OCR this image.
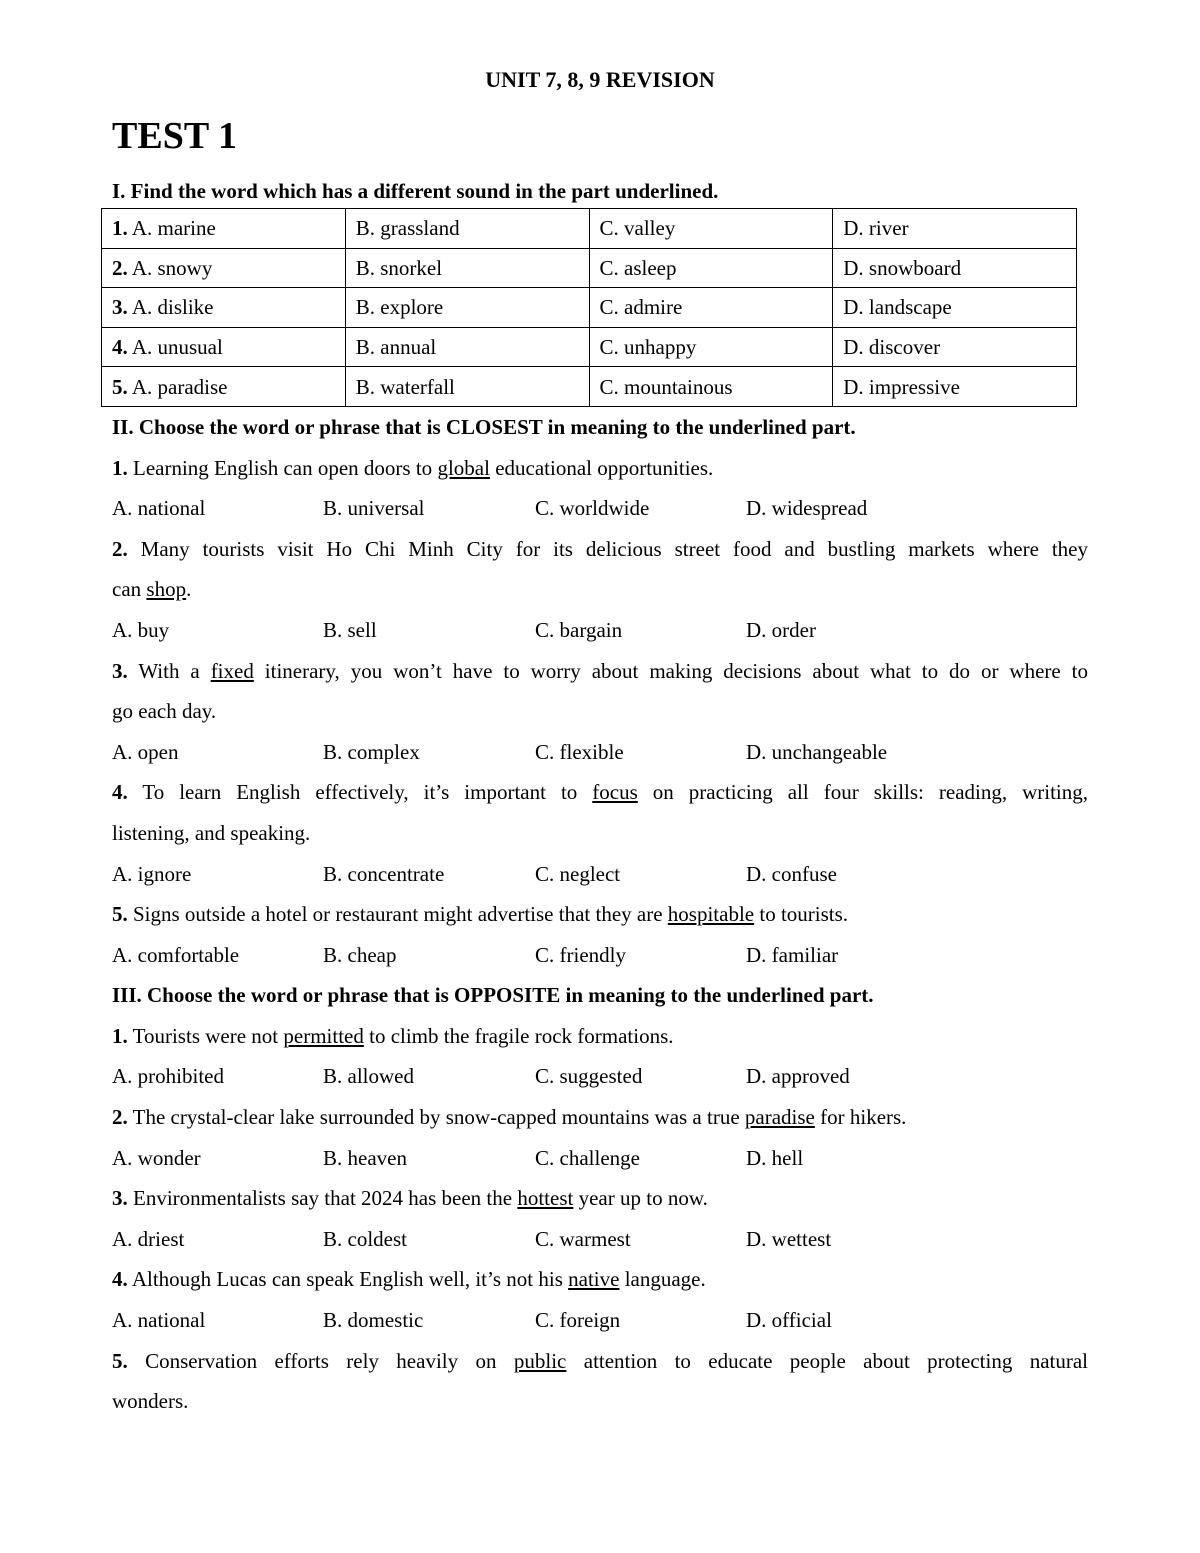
UNIT 7, 8, 9 REVISION
TEST 1
I. Find the word which has a different sound in the part underlined.
1. A. marine	B. grassland	C. valley	D. river
2. A. snowy	B. snorkel	C. asleep	D. snowboard
3. A. dislike	B. explore	C. admire	D. landscape
4. A. unusual	B. annual	C. unhappy	D. discover
5. A. paradise	B. waterfall	C. mountainous	D. impressive
II. Choose the word or phrase that is CLOSEST in meaning to the underlined part.
1. Learning English can open doors to global educational opportunities.
A. national	B. universal	C. worldwide	D. widespread
2. Many tourists visit Ho Chi Minh City for its delicious street food and bustling markets where they
can shop.
A. buy	B. sell	C. bargain	D. order
3. With a fixed itinerary, you won’t have to worry about making decisions about what to do or where to
go each day.
A. open	B. complex	C. flexible	D. unchangeable
4. To learn English effectively, it’s important to focus on practicing all four skills: reading, writing,
listening, and speaking.
A. ignore	B. concentrate	C. neglect	D. confuse
5. Signs outside a hotel or restaurant might advertise that they are hospitable to tourists.
A. comfortable	B. cheap	C. friendly	D. familiar
III. Choose the word or phrase that is OPPOSITE in meaning to the underlined part.
1. Tourists were not permitted to climb the fragile rock formations.
A. prohibited	B. allowed	C. suggested	D. approved
2. The crystal-clear lake surrounded by snow-capped mountains was a true paradise for hikers.
A. wonder	B. heaven	C. challenge	D. hell
3. Environmentalists say that 2024 has been the hottest year up to now.
A. driest	B. coldest	C. warmest	D. wettest
4. Although Lucas can speak English well, it’s not his native language.
A. national	B. domestic	C. foreign	D. official
5. Conservation efforts rely heavily on public attention to educate people about protecting natural
wonders.
